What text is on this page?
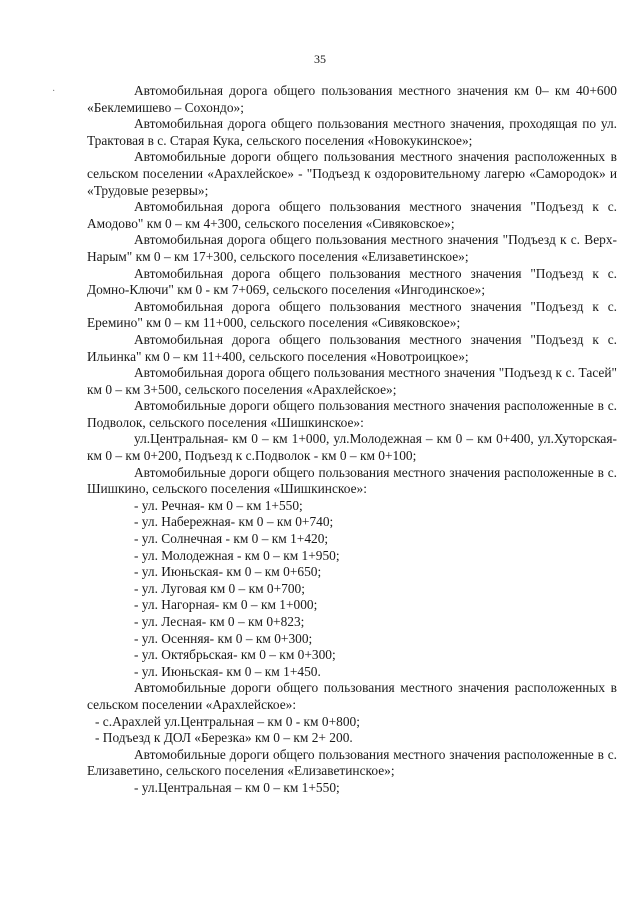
35
·	Автомобильная дорога общего пользования местного значения км 0– км 40+600 «Беклемишево – Сохондо»;

Автомобильная дорога общего пользования местного значения, проходящая по ул. Трактовая в с. Старая Кука, сельского поселения «Новокукинское»;

Автомобильные дороги общего пользования местного значения расположенных в сельском поселении «Арахлейское» - "Подъезд к оздоровительному лагерю «Самородок» и «Трудовые резервы»;

Автомобильная дорога общего пользования местного значения "Подъезд к с. Амодово" км 0 – км 4+300, сельского поселения «Сивяковское»;

Автомобильная дорога общего пользования местного значения "Подъезд к с. Верх-Нарым" км 0 – км 17+300, сельского поселения «Елизаветинское»;

Автомобильная дорога общего пользования местного значения "Подъезд к с. Домно-Ключи" км 0 - км 7+069, сельского поселения «Ингодинское»;

Автомобильная дорога общего пользования местного значения "Подъезд к с. Еремино" км 0 – км 11+000, сельского поселения «Сивяковское»;

Автомобильная дорога общего пользования местного значения "Подъезд к с. Ильинка" км 0 – км 11+400, сельского поселения «Новотроицкое»;

Автомобильная дорога общего пользования местного значения "Подъезд к с. Тасей" км 0 – км 3+500, сельского поселения «Арахлейское»;

Автомобильные дороги общего пользования местного значения расположенные в с. Подволок, сельского поселения «Шишкинское»:

ул.Центральная- км 0 – км 1+000, ул.Молодежная – км 0 – км 0+400, ул.Хуторская- км 0 – км 0+200, Подъезд к с.Подволок - км 0 – км 0+100;

Автомобильные дороги общего пользования местного значения расположенные в с. Шишкино, сельского поселения «Шишкинское»:

- ул. Речная- км 0 – км 1+550;

- ул. Набережная- км 0 – км 0+740;

- ул. Солнечная - км 0 – км 1+420;

- ул. Молодежная - км 0 – км 1+950;

- ул. Июньская- км 0 – км 0+650;

- ул. Луговая км 0 – км 0+700;

- ул. Нагорная- км 0 – км 1+000;

- ул. Лесная- км 0 – км 0+823;

- ул. Осенняя- км 0 – км 0+300;

- ул. Октябрьская- км 0 – км 0+300;

- ул. Июньская- км 0 – км 1+450.

Автомобильные дороги общего пользования местного значения расположенных в сельском поселении «Арахлейское»:

- с.Арахлей ул.Центральная – км 0 - км 0+800;

- Подъезд к ДОЛ «Березка» км 0 – км 2+ 200.

Автомобильные дороги общего пользования местного значения расположенные в с. Елизаветино, сельского поселения «Елизаветинское»;

- ул.Центральная – км 0 – км 1+550;
